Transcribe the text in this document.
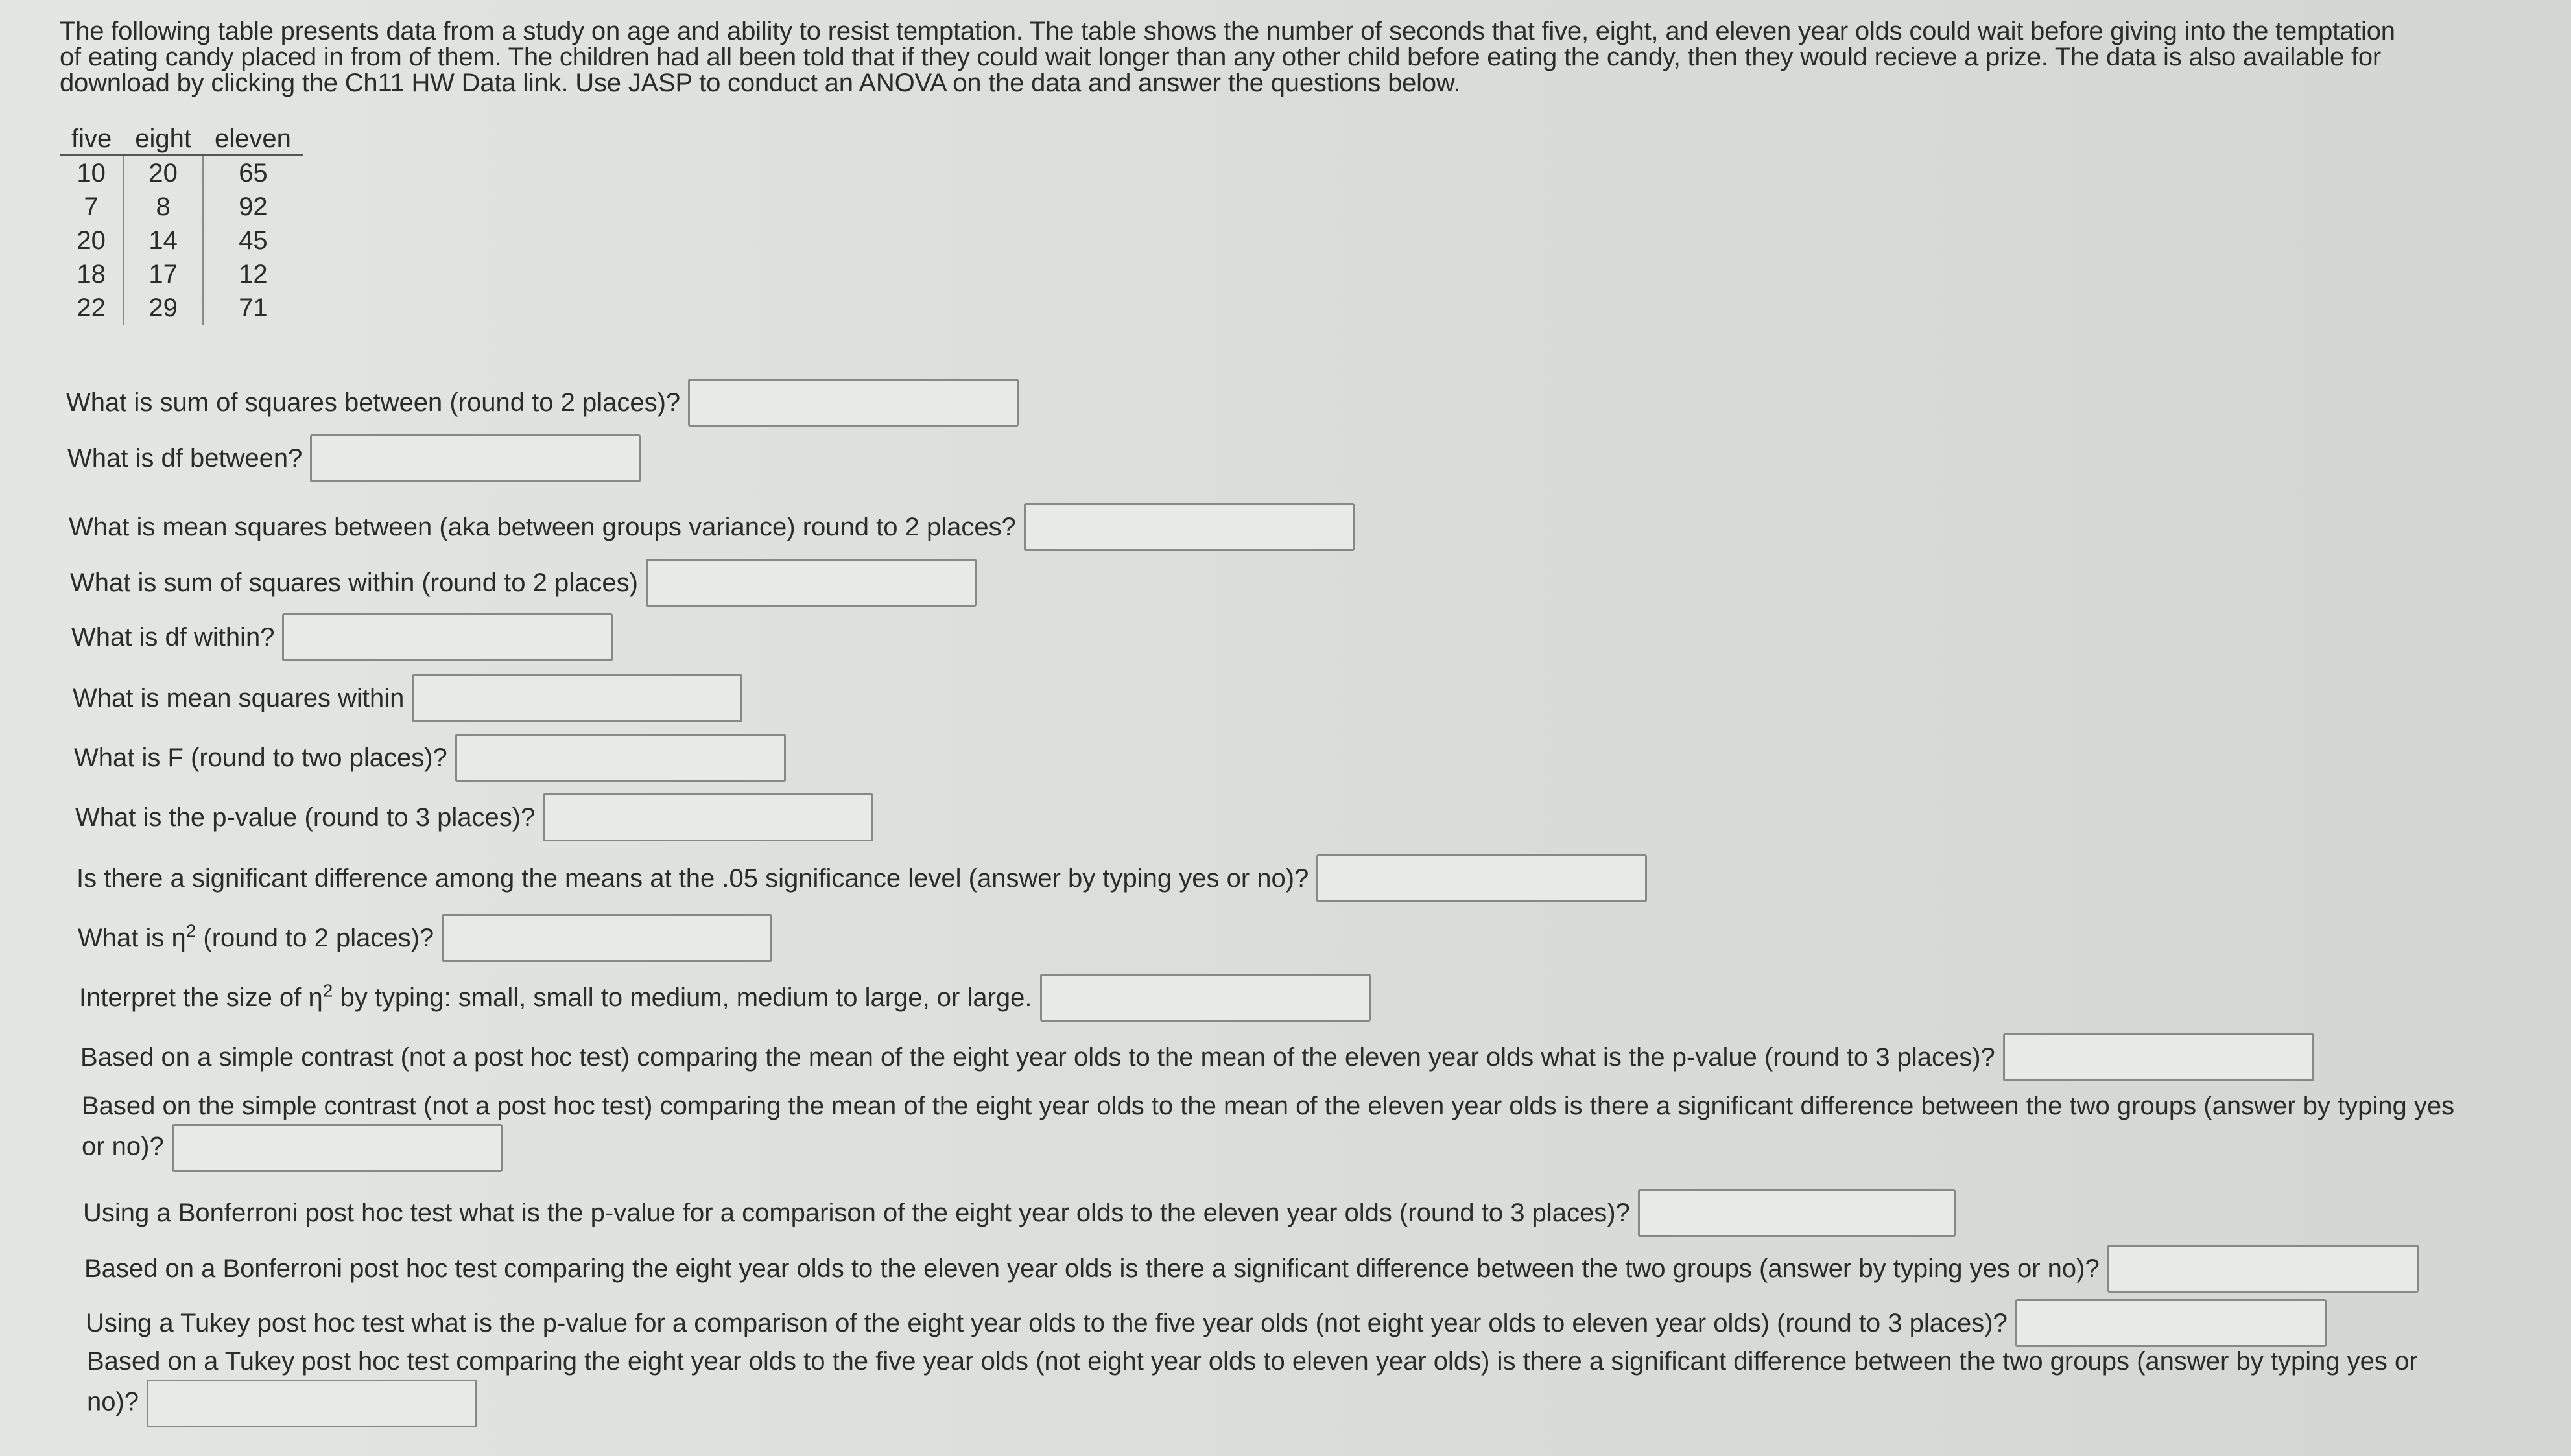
The following table presents data from a study on age and ability to resist temptation. The table shows the number of seconds that five, eight, and eleven year olds could wait before giving into the temptation
of eating candy placed in from of them. The children had all been told that if they could wait longer than any other child before eating the candy, then they would recieve a prize. The data is also available for
download by clicking the Ch11 HW Data link. Use JASP to conduct an ANOVA on the data and answer the questions below.
five	eight	eleven
10	20	65
7	8	92
20	14	45
18	17	12
22	29	71
What is sum of squares between (round to 2 places)?
What is df between?
What is mean squares between (aka between groups variance) round to 2 places?
What is sum of squares within (round to 2 places)
What is df within?
What is mean squares within
What is F (round to two places)?
What is the p-value (round to 3 places)?
Is there a significant difference among the means at the .05 significance level (answer by typing yes or no)?
What is $\eta^2$ (round to 2 places)?
Interpret the size of $\eta^2$ by typing: small, small to medium, medium to large, or large.
Based on a simple contrast (not a post hoc test) comparing the mean of the eight year olds to the mean of the eleven year olds what is the p-value (round to 3 places)?
Based on the simple contrast (not a post hoc test) comparing the mean of the eight year olds to the mean of the eleven year olds is there a significant difference between the two groups (answer by typing yes
or no)?
Using a Bonferroni post hoc test what is the p-value for a comparison of the eight year olds to the eleven year olds (round to 3 places)?
Based on a Bonferroni post hoc test comparing the eight year olds to the eleven year olds is there a significant difference between the two groups (answer by typing yes or no)?
Using a Tukey post hoc test what is the p-value for a comparison of the eight year olds to the five year olds (not eight year olds to eleven year olds) (round to 3 places)?
Based on a Tukey post hoc test comparing the eight year olds to the five year olds (not eight year olds to eleven year olds) is there a significant difference between the two groups (answer by typing yes or
no)?
